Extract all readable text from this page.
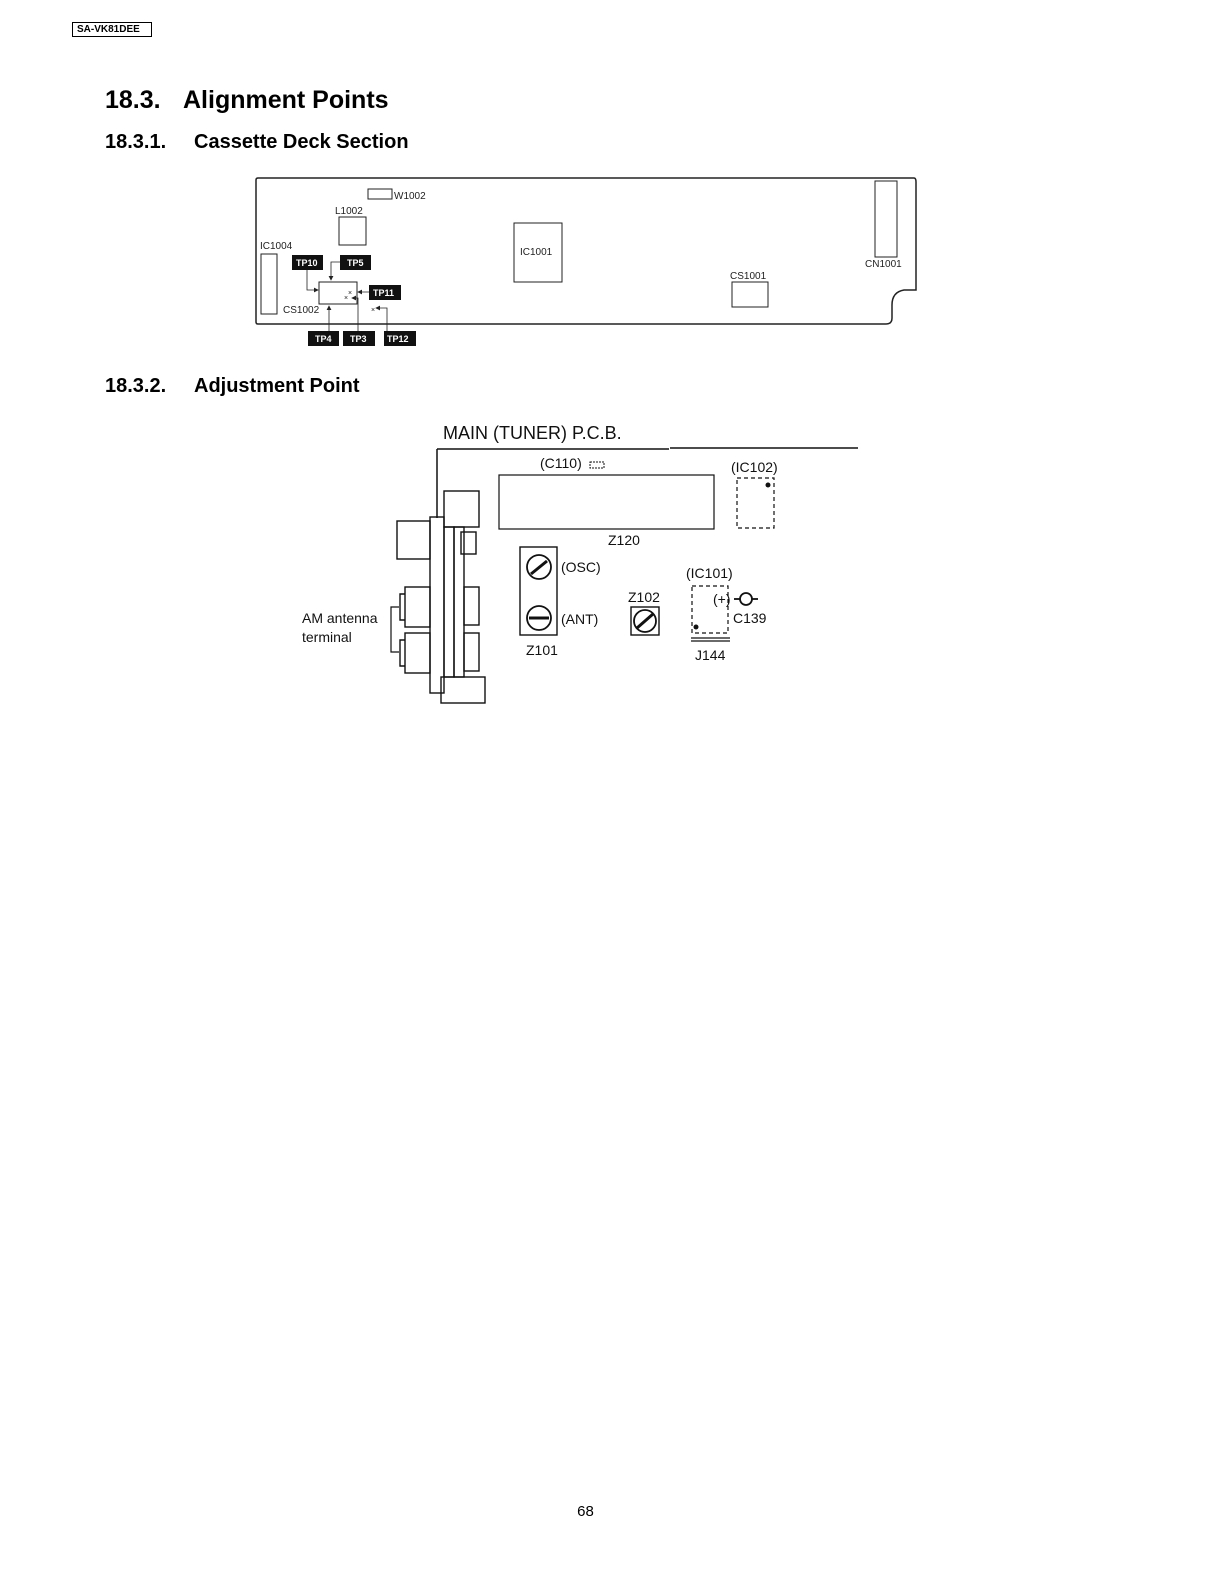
SA-VK81DEE
18.3. Alignment Points
18.3.1. Cassette Deck Section
18.3.2. Adjustment Point
W1002
L1002
IC1004
IC1001
CS1001
CN1001
CS1002
×
×
×
TP10	TP5
TP11
TP4 TP3 TP12
MAIN (TUNER) P.C.B.
(C110)
Z120
(IC102)
AM antenna
terminal
(OSC)
(ANT)
Z101
Z102
(IC101)
(+)
C139
J144
68
